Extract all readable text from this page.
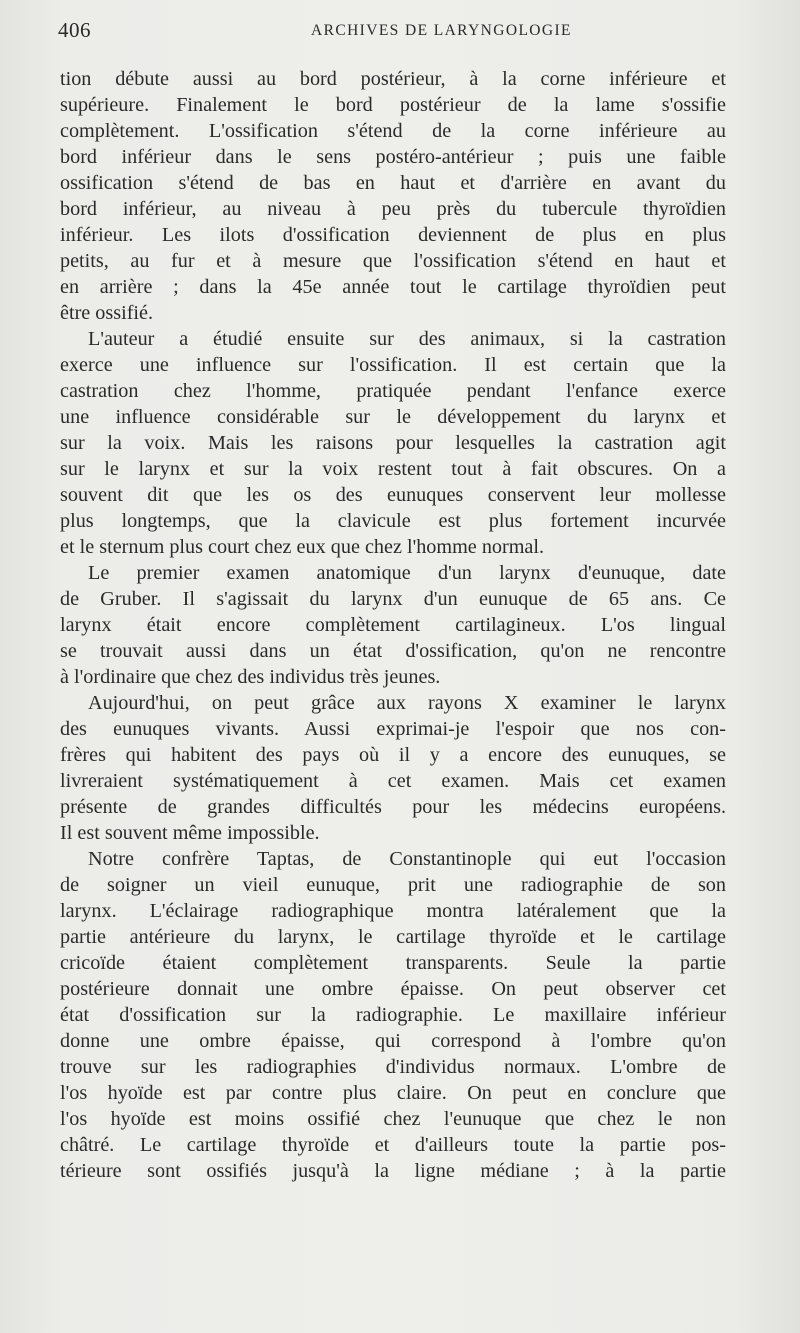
406	ARCHIVES DE LARYNGOLOGIE
tion débute aussi au bord postérieur, à la corne inférieure et
supérieure. Finalement le bord postérieur de la lame s'ossifie
complètement. L'ossification s'étend de la corne inférieure au
bord inférieur dans le sens postéro-antérieur ; puis une faible
ossification s'étend de bas en haut et d'arrière en avant du
bord inférieur, au niveau à peu près du tubercule thyroïdien
inférieur. Les ilots d'ossification deviennent de plus en plus
petits, au fur et à mesure que l'ossification s'étend en haut et
en arrière ; dans la 45e année tout le cartilage thyroïdien peut
être ossifié.
L'auteur a étudié ensuite sur des animaux, si la castration
exerce une influence sur l'ossification. Il est certain que la
castration chez l'homme, pratiquée pendant l'enfance exerce
une influence considérable sur le développement du larynx et
sur la voix. Mais les raisons pour lesquelles la castration agit
sur le larynx et sur la voix restent tout à fait obscures. On a
souvent dit que les os des eunuques conservent leur mollesse
plus longtemps, que la clavicule est plus fortement incurvée
et le sternum plus court chez eux que chez l'homme normal.
Le premier examen anatomique d'un larynx d'eunuque, date
de Gruber. Il s'agissait du larynx d'un eunuque de 65 ans. Ce
larynx était encore complètement cartilagineux. L'os lingual
se trouvait aussi dans un état d'ossification, qu'on ne rencontre
à l'ordinaire que chez des individus très jeunes.
Aujourd'hui, on peut grâce aux rayons X examiner le larynx
des eunuques vivants. Aussi exprimai-je l'espoir que nos con-
frères qui habitent des pays où il y a encore des eunuques, se
livreraient systématiquement à cet examen. Mais cet examen
présente de grandes difficultés pour les médecins européens.
Il est souvent même impossible.
Notre confrère Taptas, de Constantinople qui eut l'occasion
de soigner un vieil eunuque, prit une radiographie de son
larynx. L'éclairage radiographique montra latéralement que la
partie antérieure du larynx, le cartilage thyroïde et le cartilage
cricoïde étaient complètement transparents. Seule la partie
postérieure donnait une ombre épaisse. On peut observer cet
état d'ossification sur la radiographie. Le maxillaire inférieur
donne une ombre épaisse, qui correspond à l'ombre qu'on
trouve sur les radiographies d'individus normaux. L'ombre de
l'os hyoïde est par contre plus claire. On peut en conclure que
l'os hyoïde est moins ossifié chez l'eunuque que chez le non
châtré. Le cartilage thyroïde et d'ailleurs toute la partie pos-
térieure sont ossifiés jusqu'à la ligne médiane ; à la partie
